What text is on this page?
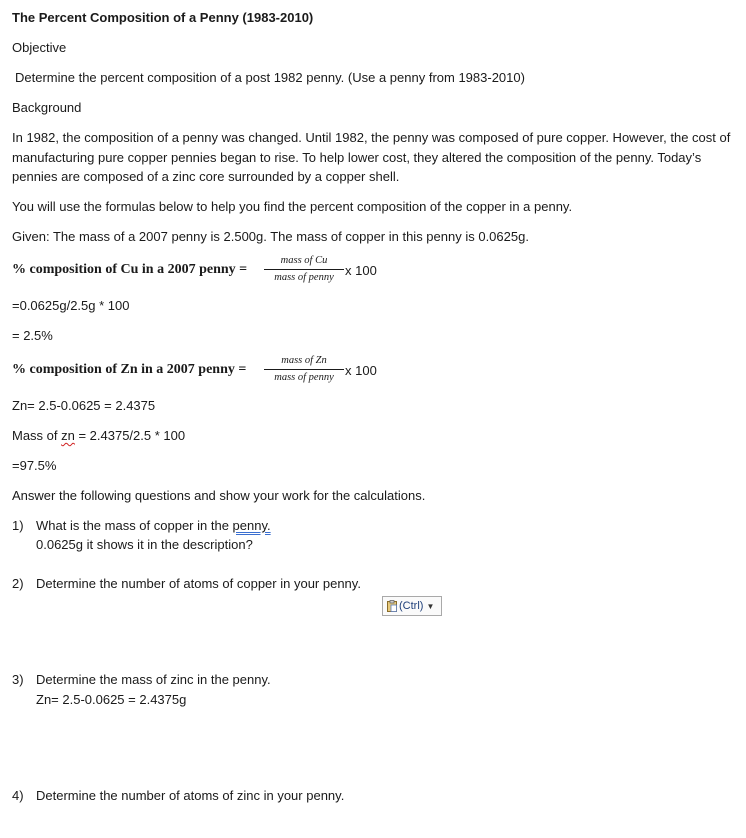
The Percent Composition of a Penny (1983-2010)
Objective
Determine the percent composition of a post 1982 penny. (Use a penny from 1983-2010)
Background
In 1982, the composition of a penny was changed. Until 1982, the penny was composed of pure copper. However, the cost of manufacturing pure copper pennies began to rise. To help lower cost, they altered the composition of the penny. Today’s pennies are composed of a zinc core surrounded by a copper shell.
You will use the formulas below to help you find the percent composition of the copper in a penny.
Given: The mass of a 2007 penny is 2.500g. The mass of copper in this penny is 0.0625g.
% composition of Cu in a 2007 penny =
mass of Cu
mass of penny x 100
=0.0625g/2.5g * 100
= 2.5%
% composition of Zn in a 2007 penny =
mass of Zn
mass of penny x 100
Zn= 2.5-0.0625 = 2.4375
Mass of zn = 2.4375/2.5 * 100
=97.5%
Answer the following questions and show your work for the calculations.
1) What is the mass of copper in the penny.
0.0625g it shows it in the description?
2) Determine the number of atoms of copper in your penny.
(Ctrl) ▼
3) Determine the mass of zinc in the penny.
Zn= 2.5-0.0625 = 2.4375g
4) Determine the number of atoms of zinc in your penny.
